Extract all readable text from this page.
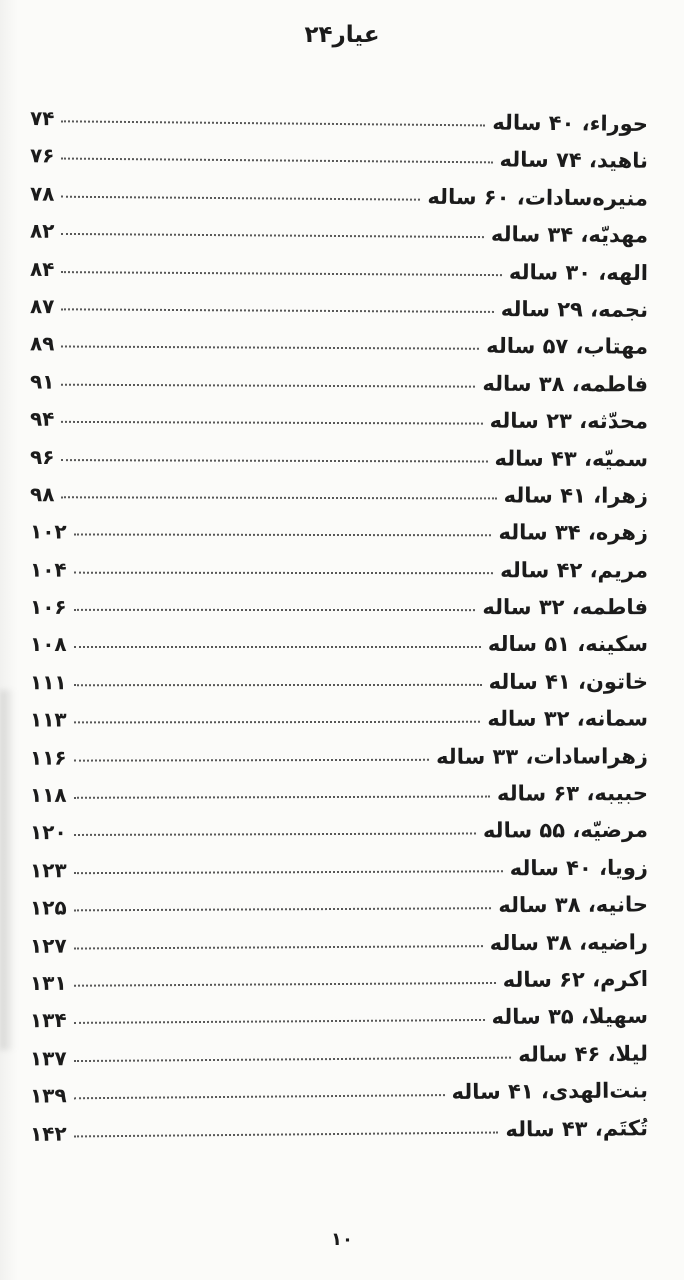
عیار۲۴
حوراء، ۴۰ ساله
۷۴
ناهید، ۷۴ ساله
۷۶
منیره‌سادات، ۶۰ ساله
۷۸
مهدیّه، ۳۴ ساله
۸۲
الهه، ۳۰ ساله
۸۴
نجمه، ۲۹ ساله
۸۷
مهتاب، ۵۷ ساله
۸۹
فاطمه، ۳۸ ساله
۹۱
محدّثه، ۲۳ ساله
۹۴
سمیّه، ۴۳ ساله
۹۶
زهرا، ۴۱ ساله
۹۸
زهره، ۳۴ ساله
۱۰۲
مریم، ۴۲ ساله
۱۰۴
فاطمه، ۳۲ ساله
۱۰۶
سکینه، ۵۱ ساله
۱۰۸
خاتون، ۴۱ ساله
۱۱۱
سمانه، ۳۲ ساله
۱۱۳
زهراسادات، ۳۳ ساله
۱۱۶
حبیبه، ۶۳ ساله
۱۱۸
مرضیّه، ۵۵ ساله
۱۲۰
زویا، ۴۰ ساله
۱۲۳
حانیه، ۳۸ ساله
۱۲۵
راضیه، ۳۸ ساله
۱۲۷
اکرم، ۶۲ ساله
۱۳۱
سهیلا، ۳۵ ساله
۱۳۴
لیلا، ۴۶ ساله
۱۳۷
بنت‌الهدی، ۴۱ ساله
۱۳۹
تُکتَم، ۴۳ ساله
۱۴۲
۱۰
